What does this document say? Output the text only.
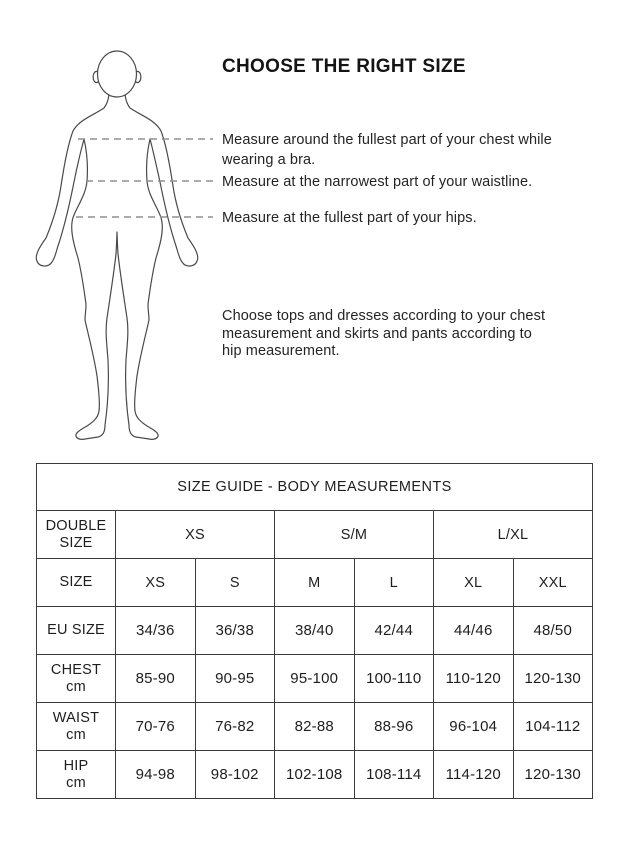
CHOOSE THE RIGHT SIZE
Measure around the fullest part of your chest while
wearing a bra.
Measure at the narrowest part of your waistline.
Measure at the fullest part of your hips.
Choose tops and dresses according to your chest
measurement and skirts and pants according to
hip measurement.
SIZE GUIDE - BODY MEASUREMENTS						
DOUBLE SIZE	XS		S/M		L/XL	
SIZE	XS	S	M	L	XL	XXL
EU SIZE	34/36	36/38	38/40	42/44	44/46	48/50

CHEST
cm	85-90	90-95	95-100	100-110	110-120	120-130

WAIST
cm	70-76	76-82	82-88	88-96	96-104	104-112

HIP
cm	94-98	98-102	102-108	108-114	114-120	120-130
